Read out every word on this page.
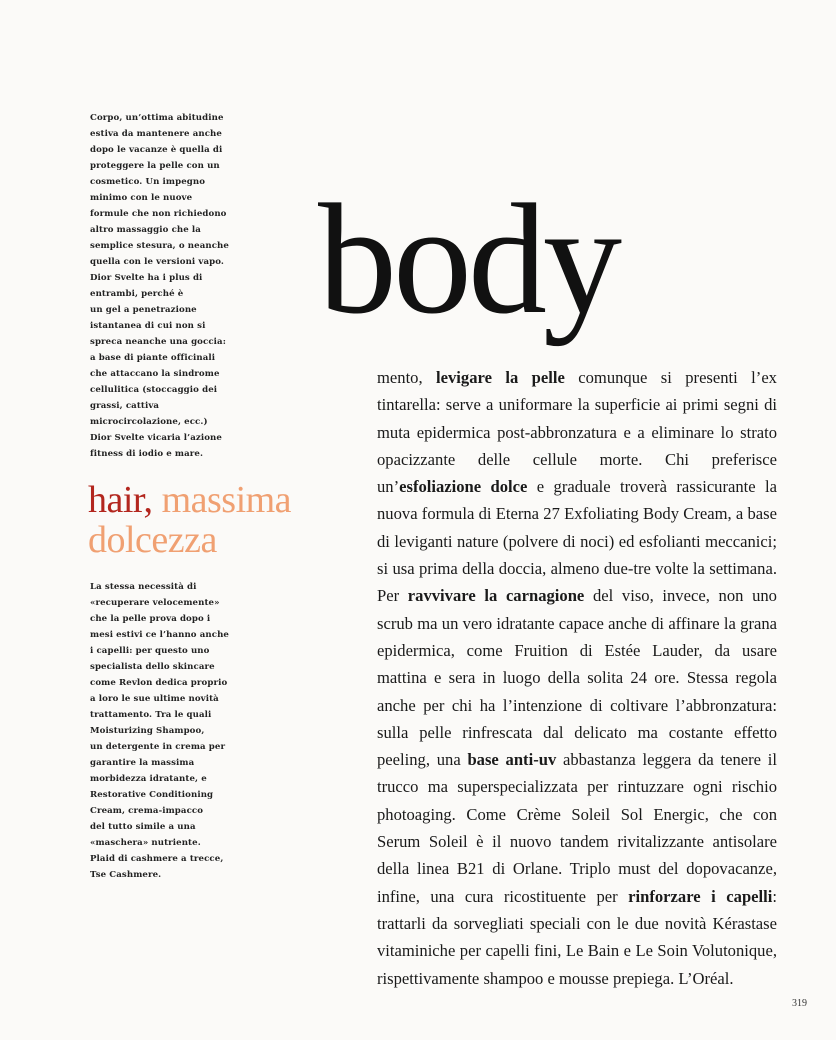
Corpo, un’ottima abitudine
estiva da mantenere anche
dopo le vacanze è quella di
proteggere la pelle con un
cosmetico. Un impegno
minimo con le nuove
formule che non richiedono
altro massaggio che la
semplice stesura, o neanche
quella con le versioni vapo.
Dior Svelte ha i plus di
entrambi, perché è
un gel a penetrazione
istantanea di cui non si
spreca neanche una goccia:
a base di piante officinali
che attaccano la sindrome
cellulitica (stoccaggio dei
grassi, cattiva
microcircolazione, ecc.)
Dior Svelte vicaria l’azione
fitness di iodio e mare.
hair, massima
dolcezza
La stessa necessità di
«recuperare velocemente»
che la pelle prova dopo i
mesi estivi ce l’hanno anche
i capelli: per questo uno
specialista dello skincare
come Revlon dedica proprio
a loro le sue ultime novità
trattamento. Tra le quali
Moisturizing Shampoo,
un detergente in crema per
garantire la massima
morbidezza idratante, e
Restorative Conditioning
Cream, crema-impacco
del tutto simile a una
«maschera» nutriente.
Plaid di cashmere a trecce,
Tse Cashmere.
body
mento, levigare la pelle comunque si presenti l’ex tintarella: serve a uniformare la superficie ai primi segni di muta epidermica post-abbronzatura e a eliminare lo strato opacizzante delle cellule morte. Chi preferisce un’esfoliazione dolce e graduale troverà rassicurante la nuova formula di Eterna 27 Exfoliating Body Cream, a base di leviganti nature (polvere di noci) ed esfolianti meccanici; si usa prima della doccia, almeno due-tre volte la settimana. Per ravvivare la carnagione del viso, invece, non uno scrub ma un vero idratante capace anche di affinare la grana epidermica, come Fruition di Estée Lauder, da usare mattina e sera in luogo della solita 24 ore. Stessa regola anche per chi ha l’intenzione di coltivare l’abbronzatura: sulla pelle rinfrescata dal delicato ma costante effetto peeling, una base anti-uv abbastanza leggera da tenere il trucco ma superspecializzata per rintuzzare ogni rischio photoaging. Come Crème Soleil Sol Energic, che con Serum Soleil è il nuovo tandem rivitalizzante antisolare della linea B21 di Orlane. Triplo must del dopovacanze, infine, una cura ricostituente per rinforzare i capelli: trattarli da sorvegliati speciali con le due novità Kérastase vitaminiche per capelli fini, Le Bain e Le Soin Volutonique, rispettivamente shampoo e mousse prepiega. L’Oréal.
319
